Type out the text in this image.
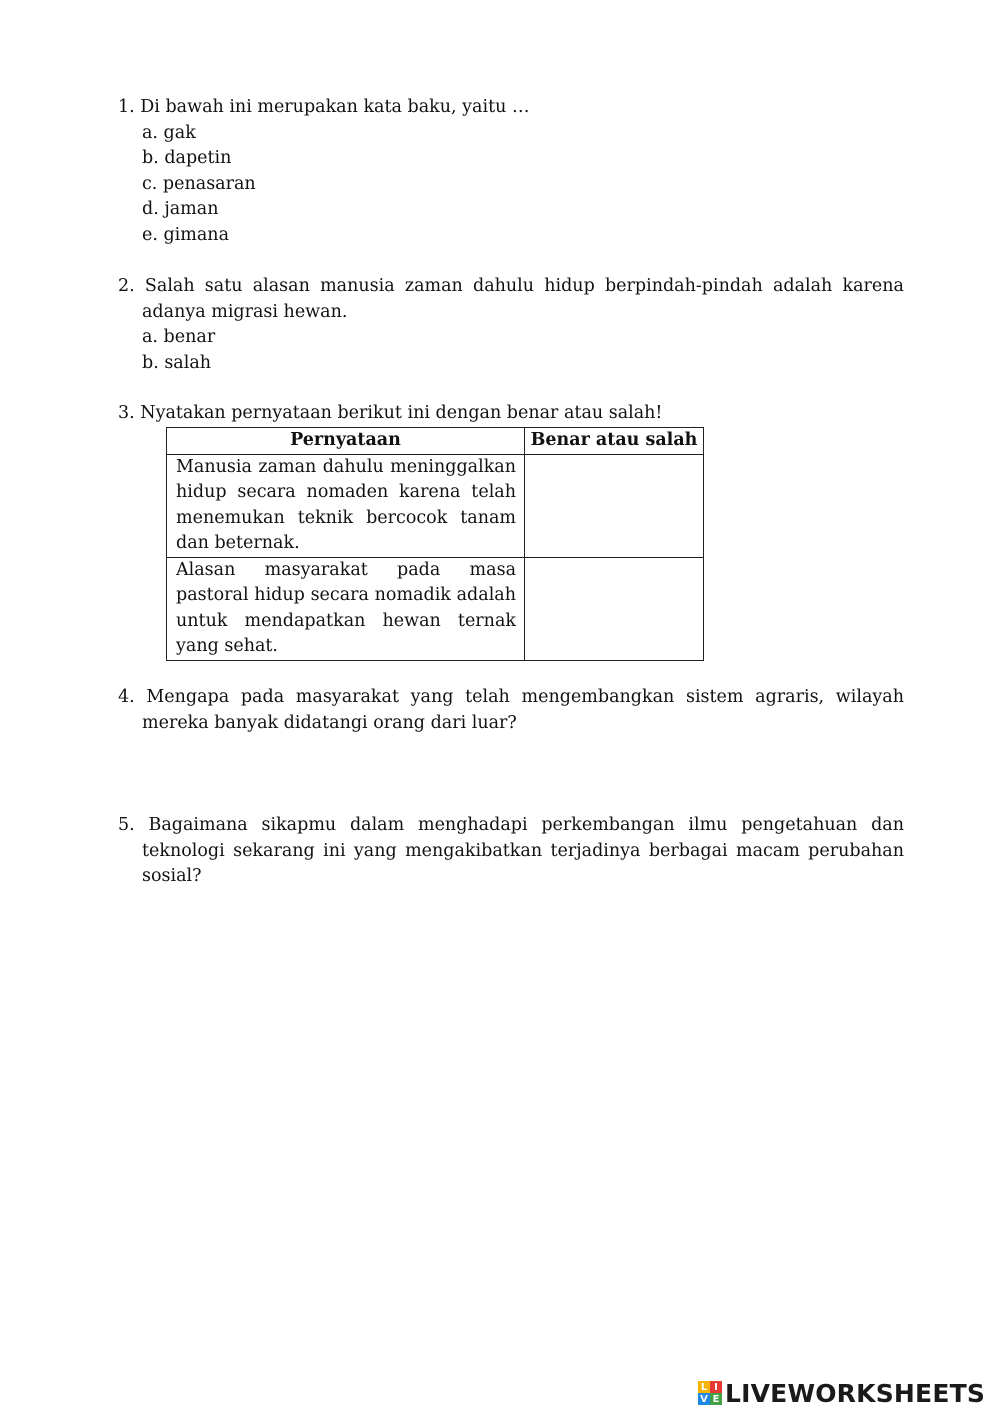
1. Di bawah ini merupakan kata baku, yaitu …
a. gak
b. dapetin
c. penasaran
d. jaman
e. gimana
2. Salah satu alasan manusia zaman dahulu hidup berpindah-pindah adalah karena adanya migrasi hewan.
a. benar
b. salah
3. Nyatakan pernyataan berikut ini dengan benar atau salah!
Pernyataan	Benar atau salah
Manusia zaman dahulu meninggalkan hidup secara nomaden karena telah menemukan teknik bercocok tanam dan beternak.	
Alasan masyarakat pada masa pastoral hidup secara nomadik adalah untuk mendapatkan hewan ternak yang sehat.	
4. Mengapa pada masyarakat yang telah mengembangkan sistem agraris, wilayah mereka banyak didatangi orang dari luar?
5. Bagaimana sikapmu dalam menghadapi perkembangan ilmu pengetahuan dan teknologi sekarang ini yang mengakibatkan terjadinya berbagai macam perubahan sosial?
L I
V E LIVEWORKSHEETS
